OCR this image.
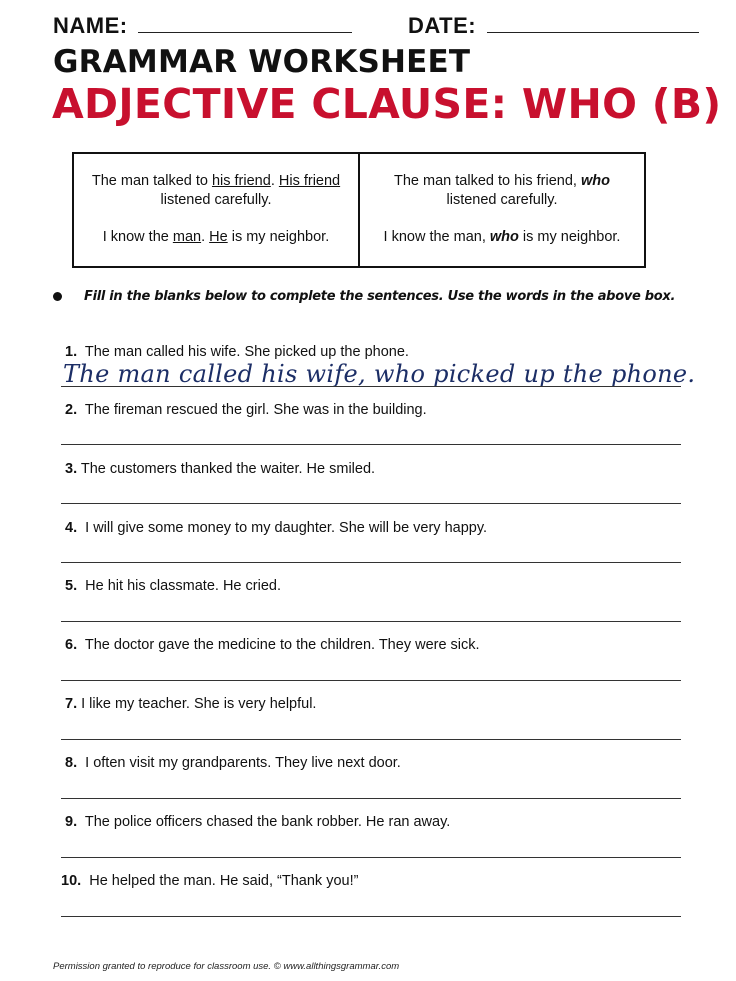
NAME:	DATE:
GRAMMAR WORKSHEET
ADJECTIVE CLAUSE: WHO (B)

The man talked to his friend. His friend listened carefully.

I know the man. He is my neighbor.

The man talked to his friend, who listened carefully.

I know the man, who is my neighbor.

Fill in the blanks below to complete the sentences. Use the words in the above box.
1. The man called his wife. She picked up the phone.
The man called his wife, who picked up the phone.
2. The fireman rescued the girl. She was in the building.
3. The customers thanked the waiter. He smiled.
4. I will give some money to my daughter. She will be very happy.
5. He hit his classmate. He cried.
6. The doctor gave the medicine to the children. They were sick.
7. I like my teacher. She is very helpful.
8. I often visit my grandparents. They live next door.
9. The police officers chased the bank robber. He ran away.
10. He helped the man. He said, “Thank you!”
Permission granted to reproduce for classroom use. © www.allthingsgrammar.com
